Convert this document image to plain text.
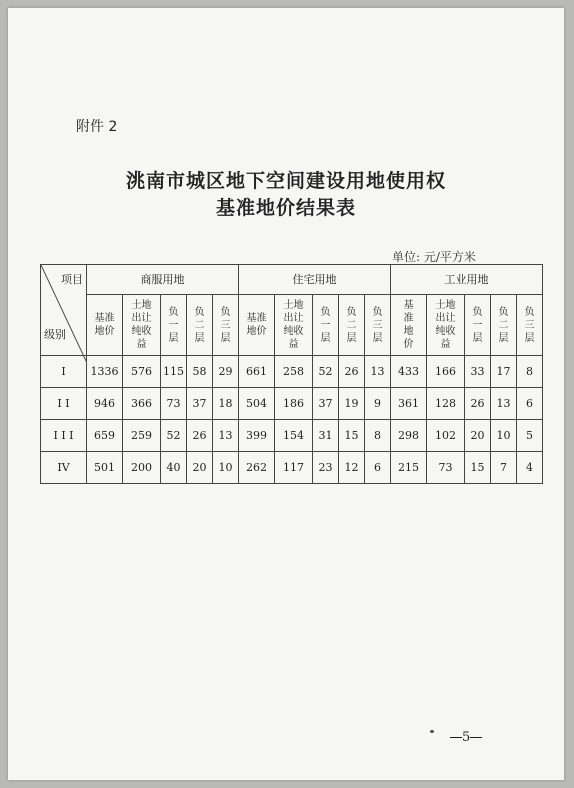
附件 2
洮南市城区地下空间建设用地使用权
基准地价结果表
单位: 元/平方米
项目
级别	商服用地					住宅用地					工业用地				
	基准地价	土地出让纯收益	负一层	负二层	负三层	基准地价	土地出让纯收益	负一层	负二层	负三层	基准地价	土地出让纯收益	负一层	负二层	负三层
I	1336	576	115	58	29	661	258	52	26	13	433	166	33	17	8
I I	946	366	73	37	18	504	186	37	19	9	361	128	26	13	6
I I I	659	259	52	26	13	399	154	31	15	8	298	102	20	10	5
IV	501	200	40	20	10	262	117	23	12	6	215	73	15	7	4
5
